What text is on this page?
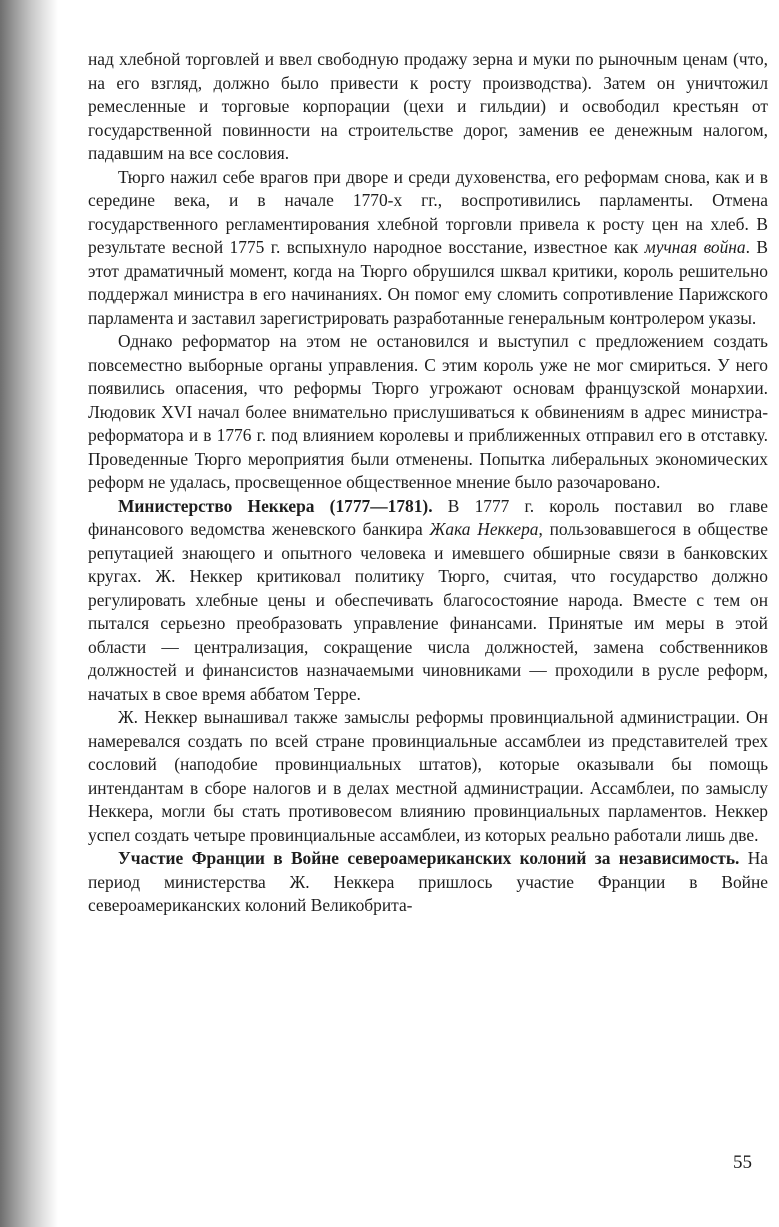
над хлебной торговлей и ввел свободную продажу зерна и муки по рыночным ценам (что, на его взгляд, должно было привести к росту производства). Затем он уничтожил ремесленные и торговые корпорации (цехи и гильдии) и освободил крестьян от государственной повинности на строительстве дорог, заменив ее денежным налогом, падавшим на все сословия.

Тюрго нажил себе врагов при дворе и среди духовенства, его реформам снова, как и в середине века, и в начале 1770-х гг., воспротивились парламенты. Отмена государственного регламентирования хлебной торговли привела к росту цен на хлеб. В результате весной 1775 г. вспыхнуло народное восстание, известное как мучная война. В этот драматичный момент, когда на Тюрго обрушился шквал критики, король решительно поддержал министра в его начинаниях. Он помог ему сломить сопротивление Парижского парламента и заставил зарегистрировать разработанные генеральным контролером указы.

Однако реформатор на этом не остановился и выступил с предложением создать повсеместно выборные органы управления. С этим король уже не мог смириться. У него появились опасения, что реформы Тюрго угрожают основам французской монархии. Людовик XVI начал более внимательно прислушиваться к обвинениям в адрес министра-реформатора и в 1776 г. под влиянием королевы и приближенных отправил его в отставку. Проведенные Тюрго мероприятия были отменены. Попытка либеральных экономических реформ не удалась, просвещенное общественное мнение было разочаровано.

Министерство Неккера (1777—1781). В 1777 г. король поставил во главе финансового ведомства женевского банкира Жака Неккера, пользовавшегося в обществе репутацией знающего и опытного человека и имевшего обширные связи в банковских кругах. Ж. Неккер критиковал политику Тюрго, считая, что государство должно регулировать хлебные цены и обеспечивать благосостояние народа. Вместе с тем он пытался серьезно преобразовать управление финансами. Принятые им меры в этой области — централизация, сокращение числа должностей, замена собственников должностей и финансистов назначаемыми чиновниками — проходили в русле реформ, начатых в свое время аббатом Терре.

Ж. Неккер вынашивал также замыслы реформы провинциальной администрации. Он намеревался создать по всей стране провинциальные ассамблеи из представителей трех сословий (наподобие провинциальных штатов), которые оказывали бы помощь интендантам в сборе налогов и в делах местной администрации. Ассамблеи, по замыслу Неккера, могли бы стать противовесом влиянию провинциальных парламентов. Неккер успел создать четыре провинциальные ассамблеи, из которых реально работали лишь две.

Участие Франции в Войне североамериканских колоний за независимость. На период министерства Ж. Неккера пришлось участие Франции в Войне североамериканских колоний Великобрита-

55
